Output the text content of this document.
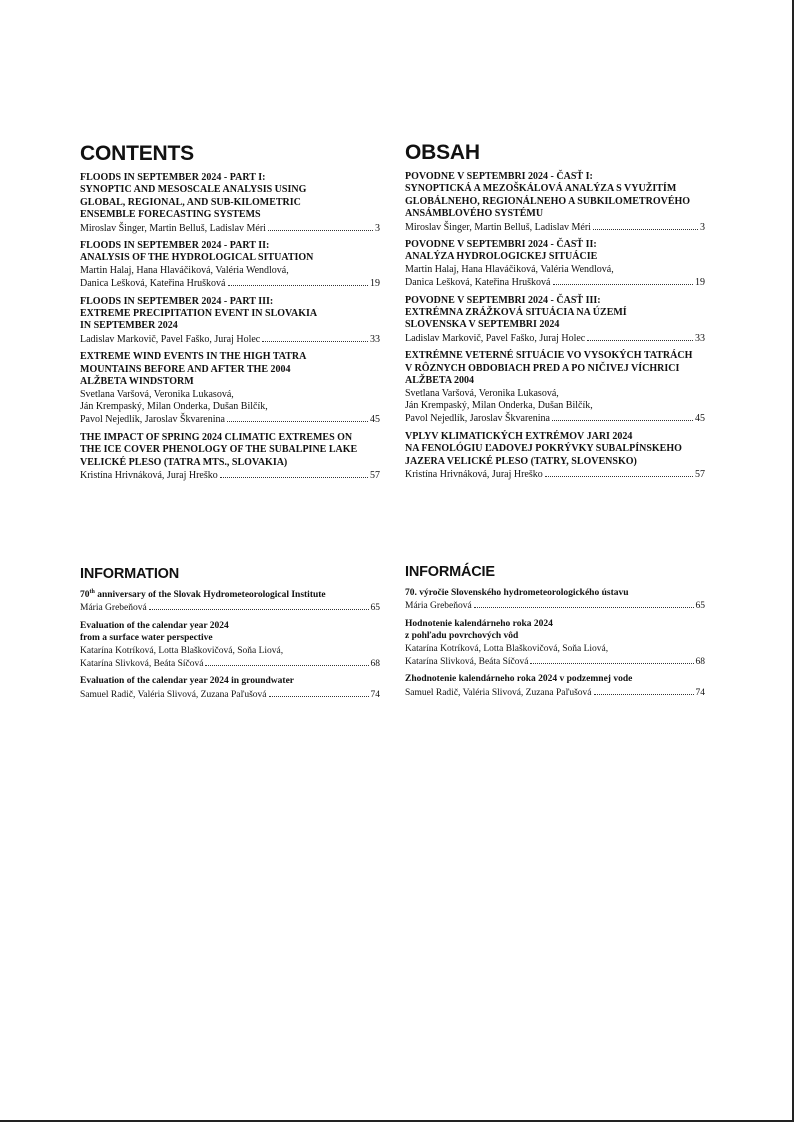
CONTENTS
FLOODS IN SEPTEMBER 2024 - PART I:
SYNOPTIC AND MESOSCALE ANALYSIS USING
GLOBAL, REGIONAL, AND SUB-KILOMETRIC
ENSEMBLE FORECASTING SYSTEMS
Miroslav Šinger, Martin Belluš, Ladislav Méri	3
FLOODS IN SEPTEMBER 2024 - PART II:
ANALYSIS OF THE HYDROLOGICAL SITUATION
Martin Halaj, Hana Hlaváčiková, Valéria Wendlová,
Danica Lešková, Kateřina Hrušková	19
FLOODS IN SEPTEMBER 2024 - PART III:
EXTREME PRECIPITATION EVENT IN SLOVAKIA
IN SEPTEMBER 2024
Ladislav Markovič, Pavel Faško, Juraj Holec	33
EXTREME WIND EVENTS IN THE HIGH TATRA
MOUNTAINS BEFORE AND AFTER THE 2004
ALŽBETA WINDSTORM
Svetlana Varšová, Veronika Lukasová,
Ján Krempaský, Milan Onderka, Dušan Bilčík,
Pavol Nejedlík, Jaroslav Škvarenina	45
THE IMPACT OF SPRING 2024 CLIMATIC EXTREMES ON
THE ICE COVER PHENOLOGY OF THE SUBALPINE LAKE
VELICKÉ PLESO (TATRA MTS., SLOVAKIA)
Kristína Hrivnáková, Juraj Hreško	57
INFORMATION
70th anniversary of the Slovak Hydrometeorological Institute
Mária Grebeňová	65
Evaluation of the calendar year 2024
from a surface water perspective
Katarína Kotríková, Lotta Blaškovičová, Soňa Liová,
Katarína Slivková, Beáta Síčová	68
Evaluation of the calendar year 2024 in groundwater
Samuel Radič, Valéria Slivová, Zuzana Paľušová	74
OBSAH
POVODNE V SEPTEMBRI 2024 - ČASŤ I:
SYNOPTICKÁ A MEZOŠKÁLOVÁ ANALÝZA S VYUŽITÍM
GLOBÁLNEHO, REGIONÁLNEHO A SUBKILOMETROVÉHO
ANSÁMBLOVÉHO SYSTÉMU
Miroslav Šinger, Martin Belluš, Ladislav Méri	3
POVODNE V SEPTEMBRI 2024 - ČASŤ II:
ANALÝZA HYDROLOGICKEJ SITUÁCIE
Martin Halaj, Hana Hlaváčiková, Valéria Wendlová,
Danica Lešková, Kateřina Hrušková	19
POVODNE V SEPTEMBRI 2024 - ČASŤ III:
EXTRÉMNA ZRÁŽKOVÁ SITUÁCIA NA ÚZEMÍ
SLOVENSKA V SEPTEMBRI 2024
Ladislav Markovič, Pavel Faško, Juraj Holec	33
EXTRÉMNE VETERNÉ SITUÁCIE VO VYSOKÝCH TATRÁCH
V RÔZNYCH OBDOBIACH PRED A PO NIČIVEJ VÍCHRICI
ALŽBETA 2004
Svetlana Varšová, Veronika Lukasová,
Ján Krempaský, Milan Onderka, Dušan Bilčík,
Pavol Nejedlík, Jaroslav Škvarenina	45
VPLYV KLIMATICKÝCH EXTRÉMOV JARI 2024
NA FENOLÓGIU ĽADOVEJ POKRÝVKY SUBALPÍNSKEHO
JAZERA VELICKÉ PLESO (TATRY, SLOVENSKO)
Kristína Hrivnáková, Juraj Hreško	57
INFORMÁCIE
70. výročie Slovenského hydrometeorologického ústavu
Mária Grebeňová	65
Hodnotenie kalendárneho roka 2024
z pohľadu povrchových vôd
Katarína Kotríková, Lotta Blaškovičová, Soňa Liová,
Katarína Slivková, Beáta Síčová	68
Zhodnotenie kalendárneho roka 2024 v podzemnej vode
Samuel Radič, Valéria Slivová, Zuzana Paľušová	74
